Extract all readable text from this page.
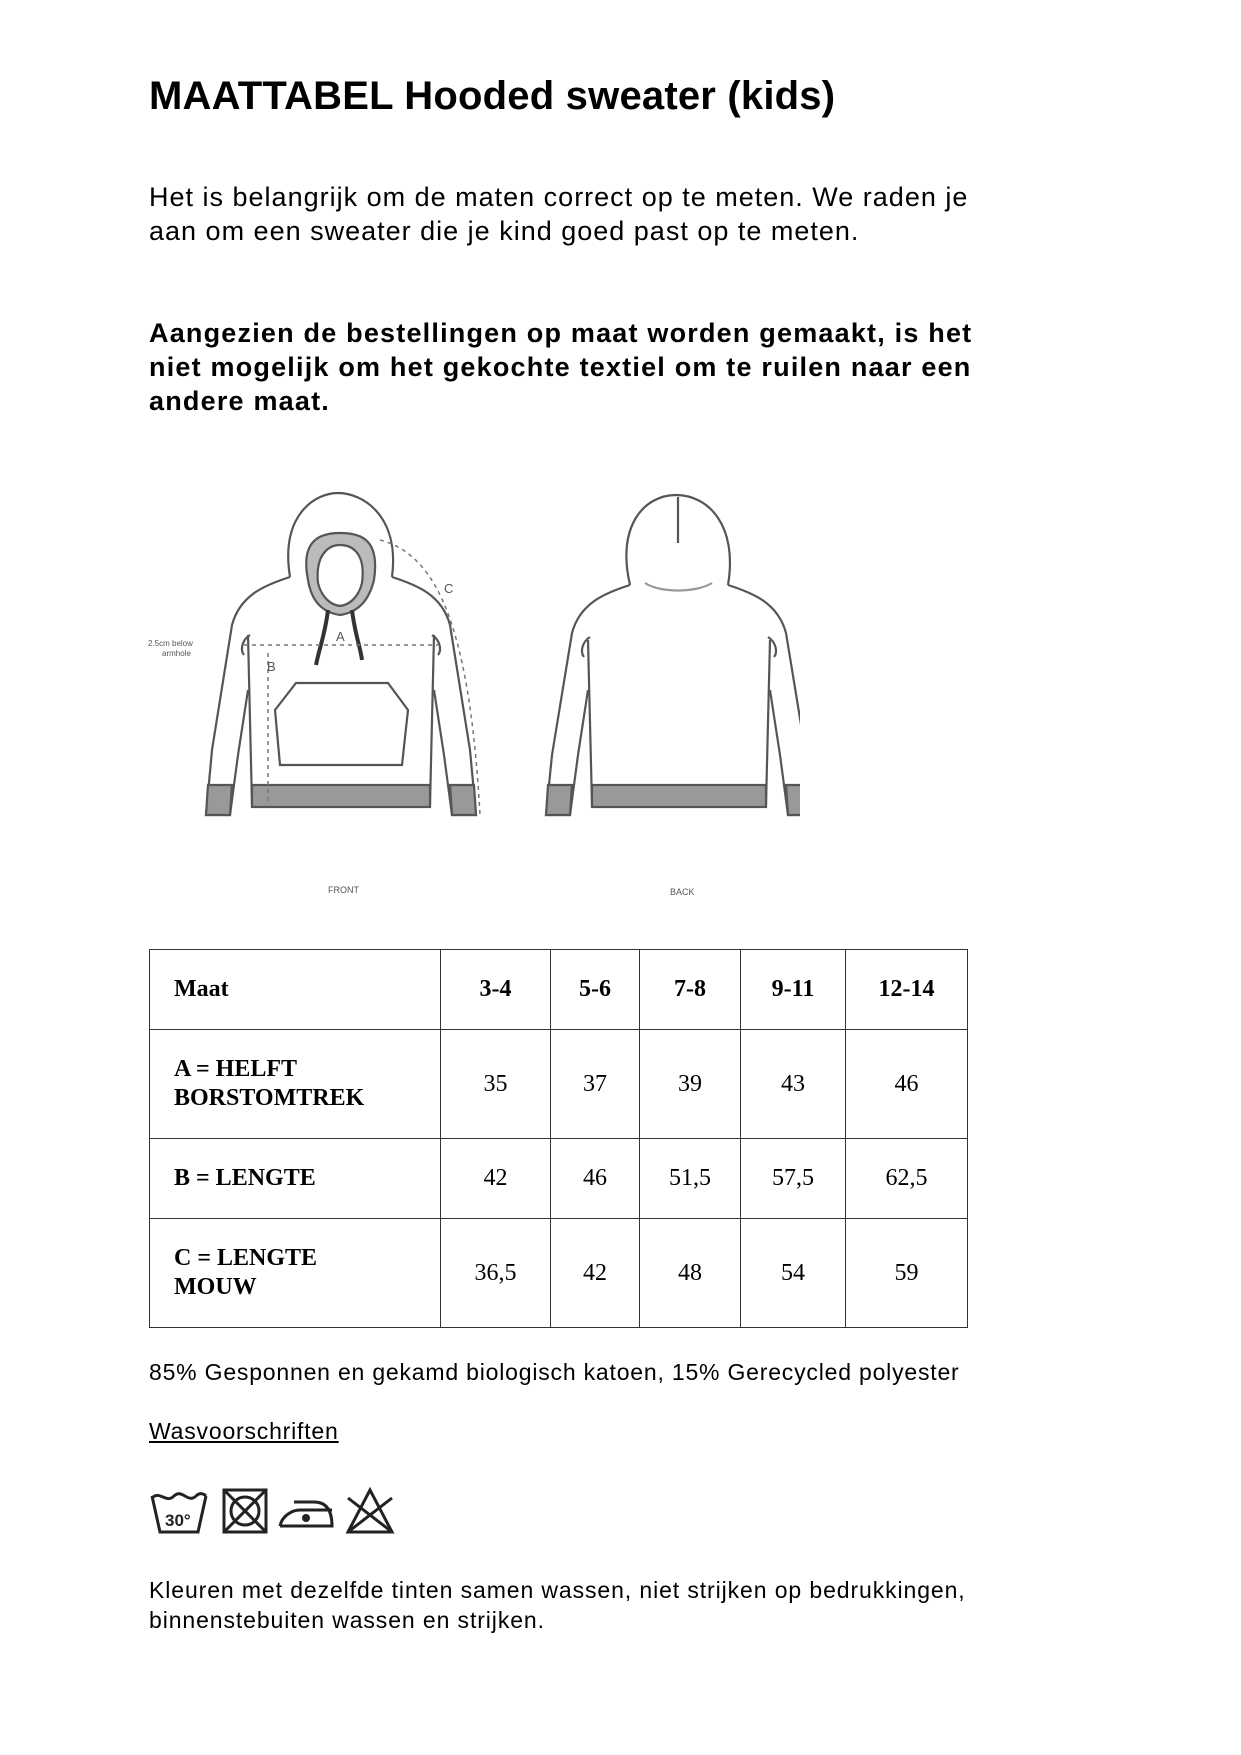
MAATTABEL Hooded sweater (kids)

Het is belangrijk om de maten correct op te meten. We raden je aan om een sweater die je kind goed past op te meten.

Aangezien de bestellingen op maat worden gemaakt, is het niet mogelijk om het gekochte textiel om te ruilen naar een andere maat.

A
B
C
2.5cm below
armhole
FRONT	BACK
Maat	3-4	5-6	7-8	9-11	12-14

A = HELFT
BORSTOMTREK	35	37	39	43	46

B = LENGTE	42	46	51,5	57,5	62,5

C = LENGTE
MOUW	36,5	42	48	54	59

85% Gesponnen en gekamd biologisch katoen, 15% Gerecycled polyester

Wasvoorschriften
30°

Kleuren met dezelfde tinten samen wassen, niet strijken op bedrukkingen, binnenstebuiten wassen en strijken.
